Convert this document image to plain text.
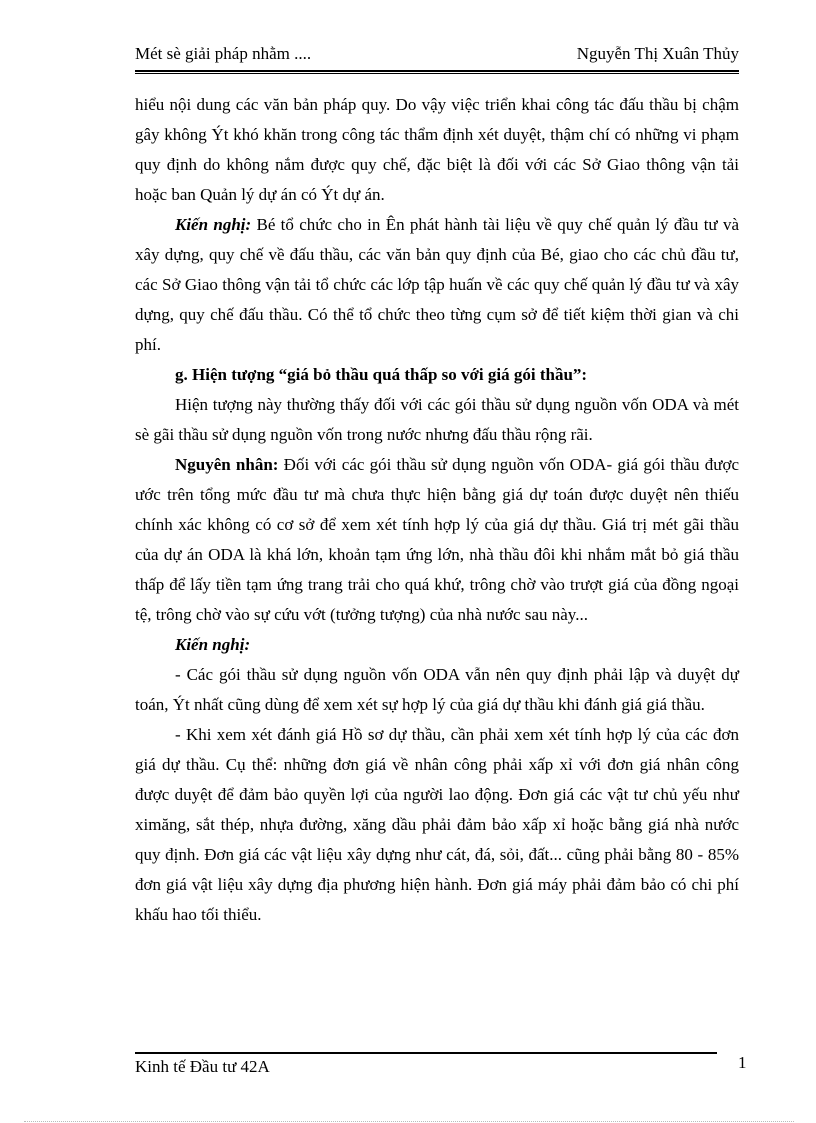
Mét sè giải pháp nhằm ....	Nguyễn Thị Xuân Thủy

hiểu nội dung các văn bản pháp quy. Do vậy việc triển khai công tác đấu thầu bị chậm gây không Ýt khó khăn trong công tác thẩm định xét duyệt, thậm chí có những vi phạm quy định do không nắm được quy chế, đặc biệt là đối với các Sở Giao thông vận tải hoặc ban Quản lý dự án có Ýt dự án.

Kiến nghị: Bé tổ chức cho in Ên phát hành tài liệu về quy chế quản lý đầu tư và xây dựng, quy chế về đấu thầu, các văn bản quy định của Bé, giao cho các chủ đầu tư, các Sở Giao thông vận tải tổ chức các lớp tập huấn về các quy chế quản lý đầu tư và xây dựng, quy chế đấu thầu. Có thể tổ chức theo từng cụm sở để tiết kiệm thời gian và chi phí.

g. Hiện tượng “giá bỏ thầu quá thấp so với giá gói thầu”:

Hiện tượng này thường thấy đối với các gói thầu sử dụng nguồn vốn ODA và mét sè gãi thầu sử dụng nguồn vốn trong nước nhưng đấu thầu rộng rãi.

Nguyên nhân: Đối với các gói thầu sử dụng nguồn vốn ODA- giá gói thầu được ước trên tổng mức đầu tư mà chưa thực hiện bằng giá dự toán được duyệt nên thiếu chính xác không có cơ sở để xem xét tính hợp lý của giá dự thầu. Giá trị mét gãi thầu của dự án ODA là khá lớn, khoản tạm ứng lớn, nhà thầu đôi khi nhắm mắt bỏ giá thầu thấp để lấy tiền tạm ứng trang trải cho quá khứ, trông chờ vào trượt giá của đồng ngoại tệ, trông chờ vào sự cứu vớt (tưởng tượng) của nhà nước sau này...

Kiến nghị:

- Các gói thầu sử dụng nguồn vốn ODA vẫn nên quy định phải lập và duyệt dự toán, Ýt nhất cũng dùng để xem xét sự hợp lý của giá dự thầu khi đánh giá giá thầu.

- Khi xem xét đánh giá Hồ sơ dự thầu, cần phải xem xét tính hợp lý của các đơn giá dự thầu. Cụ thể: những đơn giá về nhân công phải xấp xỉ với đơn giá nhân công được duyệt để đảm bảo quyền lợi của người lao động. Đơn giá các vật tư chủ yếu như ximăng, sắt thép, nhựa đường, xăng dầu phải đảm bảo xấp xỉ hoặc bằng giá nhà nước quy định. Đơn giá các vật liệu xây dựng như cát, đá, sỏi, đất... cũng phải bằng 80 - 85% đơn giá vật liệu xây dựng địa phương hiện hành. Đơn giá máy phải đảm bảo có chi phí khấu hao tối thiểu.

Kinh tế Đầu tư 42A	1
